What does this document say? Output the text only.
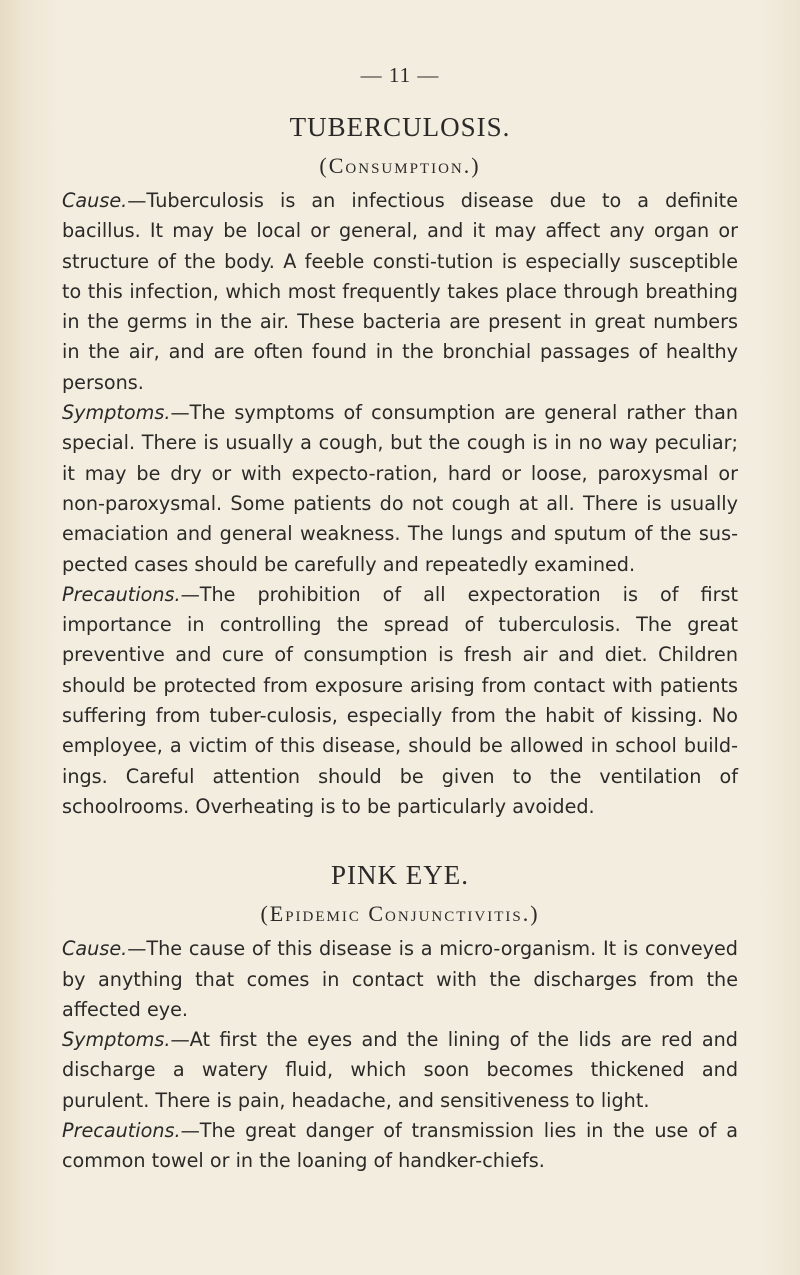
— 11 —
TUBERCULOSIS.
(Consumption.)

Cause.—Tuberculosis is an infectious disease due to a definite bacillus. It may be local or general, and it may affect any organ or structure of the body. A feeble consti-tution is especially susceptible to this infection, which most frequently takes place through breathing in the germs in the air. These bacteria are present in great numbers in the air, and are often found in the bronchial passages of healthy persons.

Symptoms.—The symptoms of consumption are general rather than special. There is usually a cough, but the cough is in no way peculiar; it may be dry or with expecto-ration, hard or loose, paroxysmal or non-paroxysmal. Some patients do not cough at all. There is usually emaciation and general weakness. The lungs and sputum of the sus-pected cases should be carefully and repeatedly examined.

Precautions.—The prohibition of all expectoration is of first importance in controlling the spread of tuberculosis. The great preventive and cure of consumption is fresh air and diet. Children should be protected from exposure arising from contact with patients suffering from tuber-culosis, especially from the habit of kissing. No employee, a victim of this disease, should be allowed in school build-ings. Careful attention should be given to the ventilation of schoolrooms. Overheating is to be particularly avoided.

PINK EYE.
(Epidemic Conjunctivitis.)

Cause.—The cause of this disease is a micro-organism. It is conveyed by anything that comes in contact with the discharges from the affected eye.

Symptoms.—At first the eyes and the lining of the lids are red and discharge a watery fluid, which soon becomes thickened and purulent. There is pain, headache, and sensitiveness to light.

Precautions.—The great danger of transmission lies in the use of a common towel or in the loaning of handker-chiefs.
